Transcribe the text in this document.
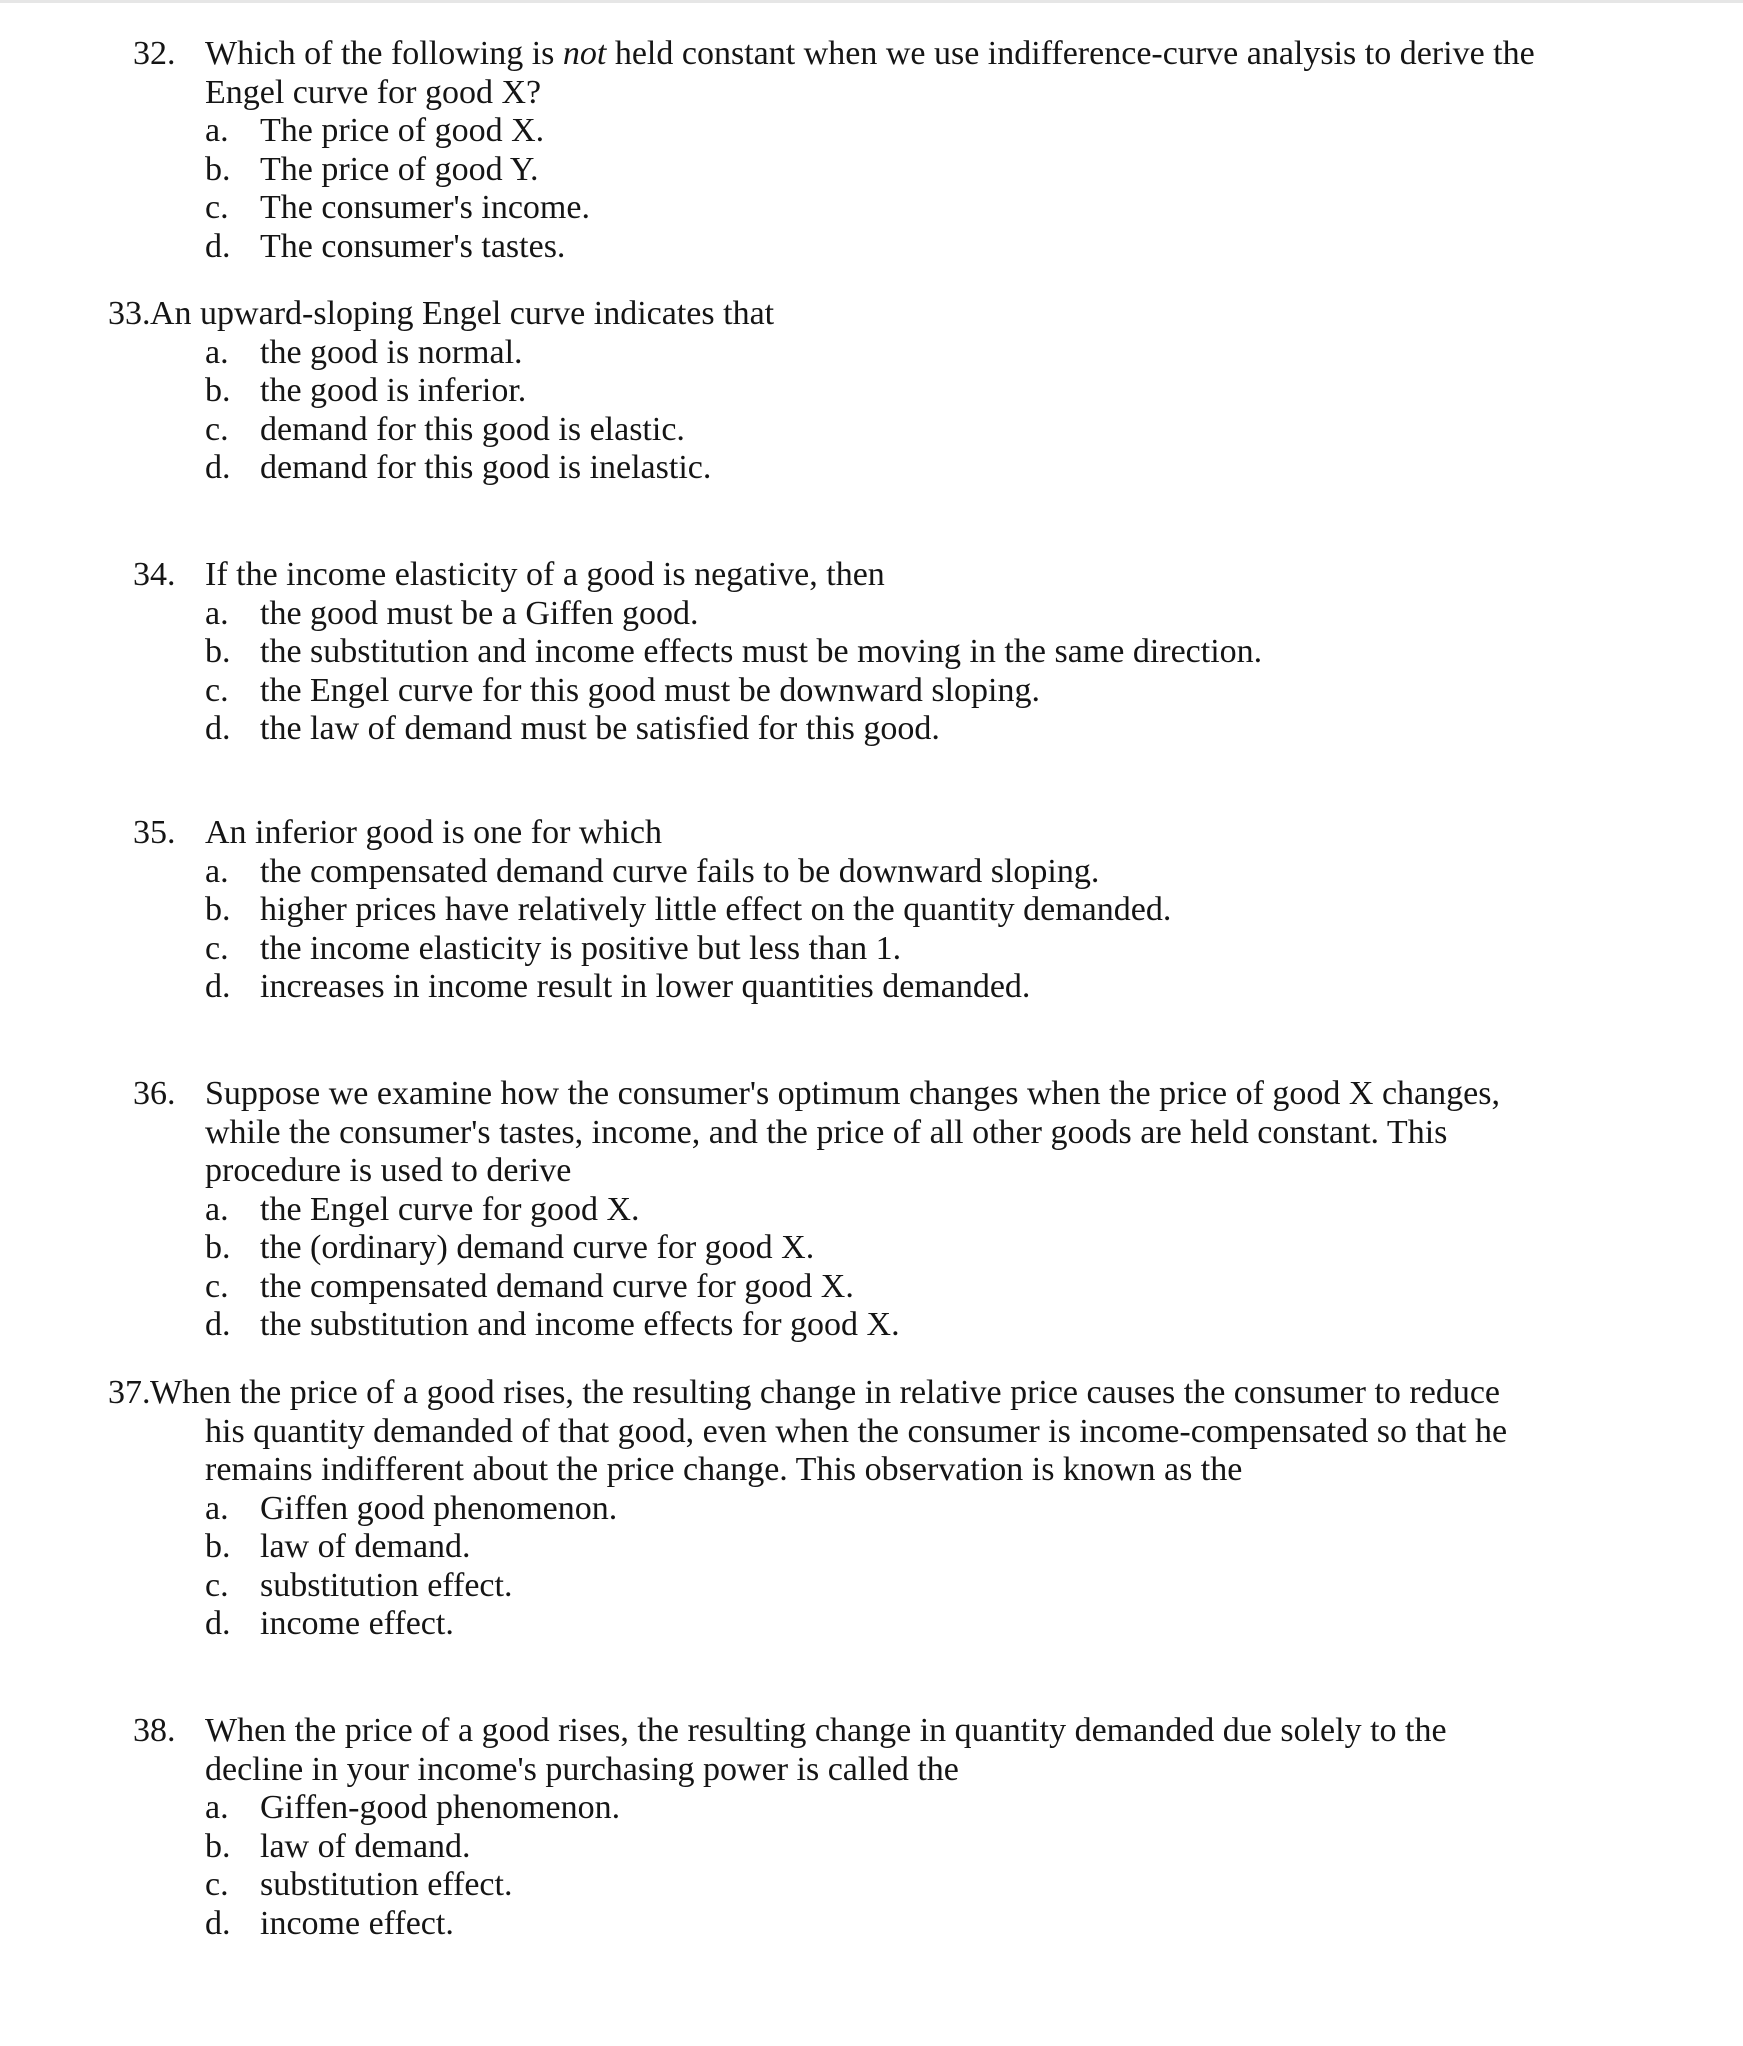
32. Which of the following is not held constant when we use indifference-curve analysis to derive the
Engel curve for good X?
a. The price of good X.
b. The price of good Y.
c. The consumer's income.
d. The consumer's tastes.
33. An upward-sloping Engel curve indicates that
a. the good is normal.
b. the good is inferior.
c. demand for this good is elastic.
d. demand for this good is inelastic.
34. If the income elasticity of a good is negative, then
a. the good must be a Giffen good.
b. the substitution and income effects must be moving in the same direction.
c. the Engel curve for this good must be downward sloping.
d. the law of demand must be satisfied for this good.
35. An inferior good is one for which
a. the compensated demand curve fails to be downward sloping.
b. higher prices have relatively little effect on the quantity demanded.
c. the income elasticity is positive but less than 1.
d. increases in income result in lower quantities demanded.
36. Suppose we examine how the consumer's optimum changes when the price of good X changes,
while the consumer's tastes, income, and the price of all other goods are held constant. This
procedure is used to derive
a. the Engel curve for good X.
b. the (ordinary) demand curve for good X.
c. the compensated demand curve for good X.
d. the substitution and income effects for good X.
37. When the price of a good rises, the resulting change in relative price causes the consumer to reduce
his quantity demanded of that good, even when the consumer is income-compensated so that he
remains indifferent about the price change. This observation is known as the
a. Giffen good phenomenon.
b. law of demand.
c. substitution effect.
d. income effect.
38. When the price of a good rises, the resulting change in quantity demanded due solely to the
decline in your income's purchasing power is called the
a. Giffen-good phenomenon.
b. law of demand.
c. substitution effect.
d. income effect.
